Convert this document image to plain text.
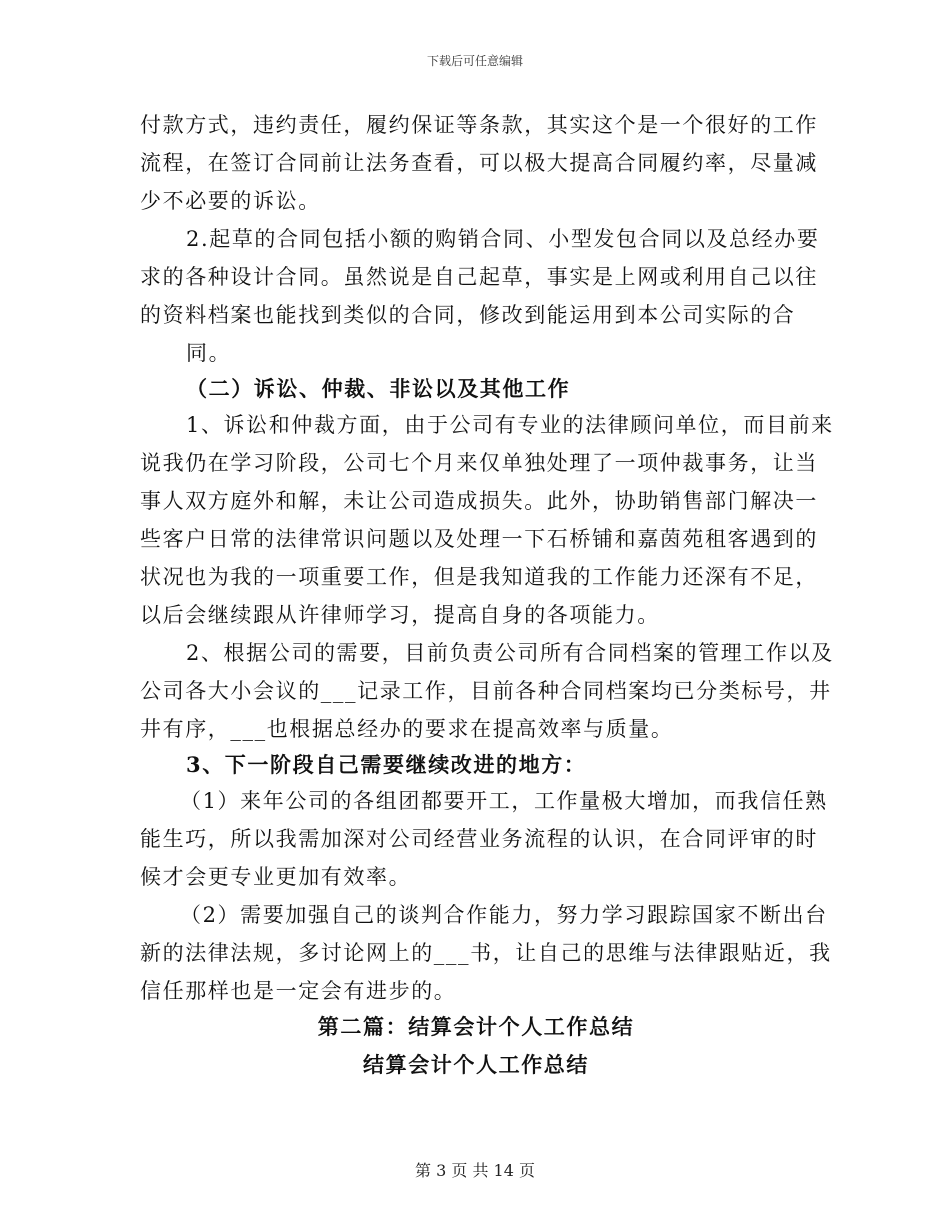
下载后可任意编辑
付款方式，违约责任，履约保证等条款，其实这个是一个很好的工作
流程，在签订合同前让法务查看，可以极大提高合同履约率，尽量减
少不必要的诉讼。
2.起草的合同包括小额的购销合同、小型发包合同以及总经办要
求的各种设计合同。虽然说是自己起草，事实是上网或利用自己以往
的资料档案也能找到类似的合同，修改到能运用到本公司实际的合
同。
（二）诉讼、仲裁、非讼以及其他工作
1、诉讼和仲裁方面，由于公司有专业的法律顾问单位，而目前来
说我仍在学习阶段，公司七个月来仅单独处理了一项仲裁事务，让当
事人双方庭外和解，未让公司造成损失。此外，协助销售部门解决一
些客户日常的法律常识问题以及处理一下石桥铺和嘉茵苑租客遇到的
状况也为我的一项重要工作，但是我知道我的工作能力还深有不足，
以后会继续跟从许律师学习，提高自身的各项能力。
2、根据公司的需要，目前负责公司所有合同档案的管理工作以及
公司各大小会议的___记录工作，目前各种合同档案均已分类标号，井
井有序，___也根据总经办的要求在提高效率与质量。
3、下一阶段自己需要继续改进的地方：
（1）来年公司的各组团都要开工，工作量极大增加，而我信任熟
能生巧，所以我需加深对公司经营业务流程的认识，在合同评审的时
候才会更专业更加有效率。
（2）需要加强自己的谈判合作能力，努力学习跟踪国家不断出台
新的法律法规，多讨论网上的___书，让自己的思维与法律跟贴近，我
信任那样也是一定会有进步的。
第二篇：结算会计个人工作总结
结算会计个人工作总结
第 3 页 共 14 页
